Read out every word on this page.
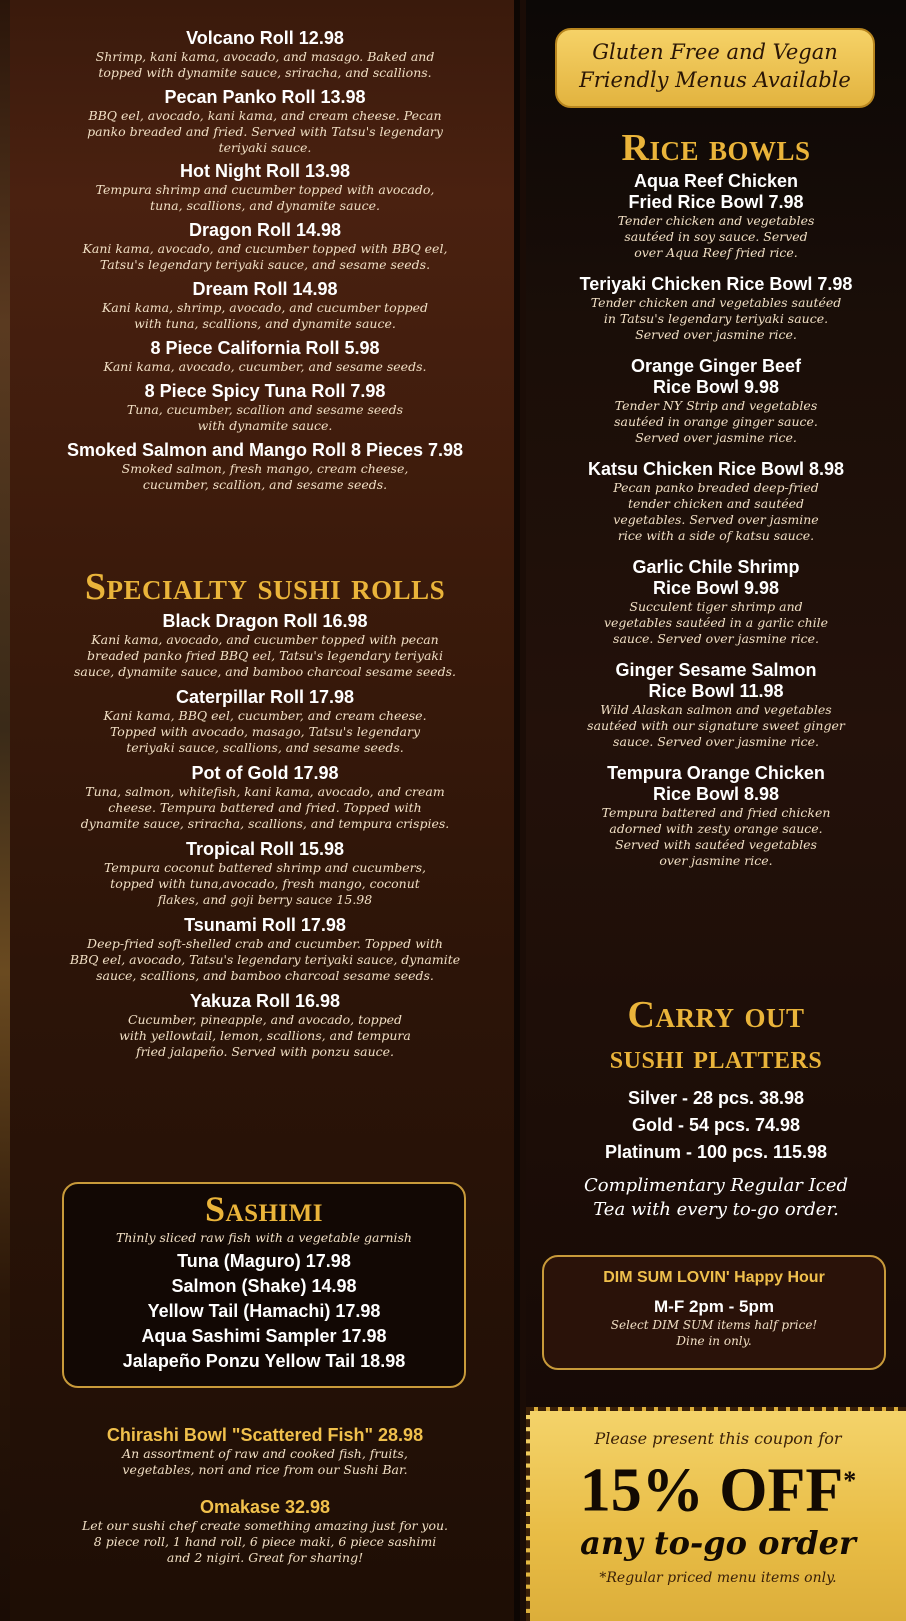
Volcano Roll 12.98
Shrimp, kani kama, avocado, and masago. Baked and
topped with dynamite sauce, sriracha, and scallions.
Pecan Panko Roll 13.98
BBQ eel, avocado, kani kama, and cream cheese. Pecan
panko breaded and fried. Served with Tatsu's legendary
teriyaki sauce.
Hot Night Roll 13.98
Tempura shrimp and cucumber topped with avocado,
tuna, scallions, and dynamite sauce.
Dragon Roll 14.98
Kani kama, avocado, and cucumber topped with BBQ eel,
Tatsu's legendary teriyaki sauce, and sesame seeds.
Dream Roll 14.98
Kani kama, shrimp, avocado, and cucumber topped
with tuna, scallions, and dynamite sauce.
8 Piece California Roll 5.98
Kani kama, avocado, cucumber, and sesame seeds.
8 Piece Spicy Tuna Roll 7.98
Tuna, cucumber, scallion and sesame seeds
with dynamite sauce.
Smoked Salmon and Mango Roll 8 Pieces 7.98
Smoked salmon, fresh mango, cream cheese,
cucumber, scallion, and sesame seeds.
Specialty sushi rolls
Black Dragon Roll 16.98
Kani kama, avocado, and cucumber topped with pecan
breaded panko fried BBQ eel, Tatsu's legendary teriyaki
sauce, dynamite sauce, and bamboo charcoal sesame seeds.
Caterpillar Roll 17.98
Kani kama, BBQ eel, cucumber, and cream cheese.
Topped with avocado, masago, Tatsu's legendary
teriyaki sauce, scallions, and sesame seeds.
Pot of Gold 17.98
Tuna, salmon, whitefish, kani kama, avocado, and cream
cheese. Tempura battered and fried. Topped with
dynamite sauce, sriracha, scallions, and tempura crispies.
Tropical Roll 15.98
Tempura coconut battered shrimp and cucumbers,
topped with tuna,avocado, fresh mango, coconut
flakes, and goji berry sauce 15.98
Tsunami Roll 17.98
Deep-fried soft-shelled crab and cucumber. Topped with
BBQ eel, avocado, Tatsu's legendary teriyaki sauce, dynamite
sauce, scallions, and bamboo charcoal sesame seeds.
Yakuza Roll 16.98
Cucumber, pineapple, and avocado, topped
with yellowtail, lemon, scallions, and tempura
fried jalapeño. Served with ponzu sauce.
Sashimi
Thinly sliced raw fish with a vegetable garnish
Tuna (Maguro) 17.98
Salmon (Shake) 14.98
Yellow Tail (Hamachi) 17.98
Aqua Sashimi Sampler 17.98
Jalapeño Ponzu Yellow Tail 18.98
Chirashi Bowl "Scattered Fish" 28.98
An assortment of raw and cooked fish, fruits,
vegetables, nori and rice from our Sushi Bar.
Omakase 32.98
Let our sushi chef create something amazing just for you.
8 piece roll, 1 hand roll, 6 piece maki, 6 piece sashimi
and 2 nigiri. Great for sharing!
Gluten Free and Vegan
Friendly Menus Available
Rice bowls
Aqua Reef Chicken
Fried Rice Bowl 7.98
Tender chicken and vegetables
sautéed in soy sauce. Served
over Aqua Reef fried rice.
Teriyaki Chicken Rice Bowl 7.98
Tender chicken and vegetables sautéed
in Tatsu's legendary teriyaki sauce.
Served over jasmine rice.
Orange Ginger Beef
Rice Bowl 9.98
Tender NY Strip and vegetables
sautéed in orange ginger sauce.
Served over jasmine rice.
Katsu Chicken Rice Bowl 8.98
Pecan panko breaded deep-fried
tender chicken and sautéed
vegetables. Served over jasmine
rice with a side of katsu sauce.
Garlic Chile Shrimp
Rice Bowl 9.98
Succulent tiger shrimp and
vegetables sautéed in a garlic chile
sauce. Served over jasmine rice.
Ginger Sesame Salmon
Rice Bowl 11.98
Wild Alaskan salmon and vegetables
sautéed with our signature sweet ginger
sauce. Served over jasmine rice.
Tempura Orange Chicken
Rice Bowl 8.98
Tempura battered and fried chicken
adorned with zesty orange sauce.
Served with sautéed vegetables
over jasmine rice.
Carry out
sushi platters
Silver - 28 pcs. 38.98
Gold - 54 pcs. 74.98
Platinum - 100 pcs. 115.98
Complimentary Regular Iced
Tea with every to-go order.
DIM SUM LOVIN' Happy Hour
M-F 2pm - 5pm
Select DIM SUM items half price!
Dine in only.
Please present this coupon for
15% OFF*
any to-go order
*Regular priced menu items only.
